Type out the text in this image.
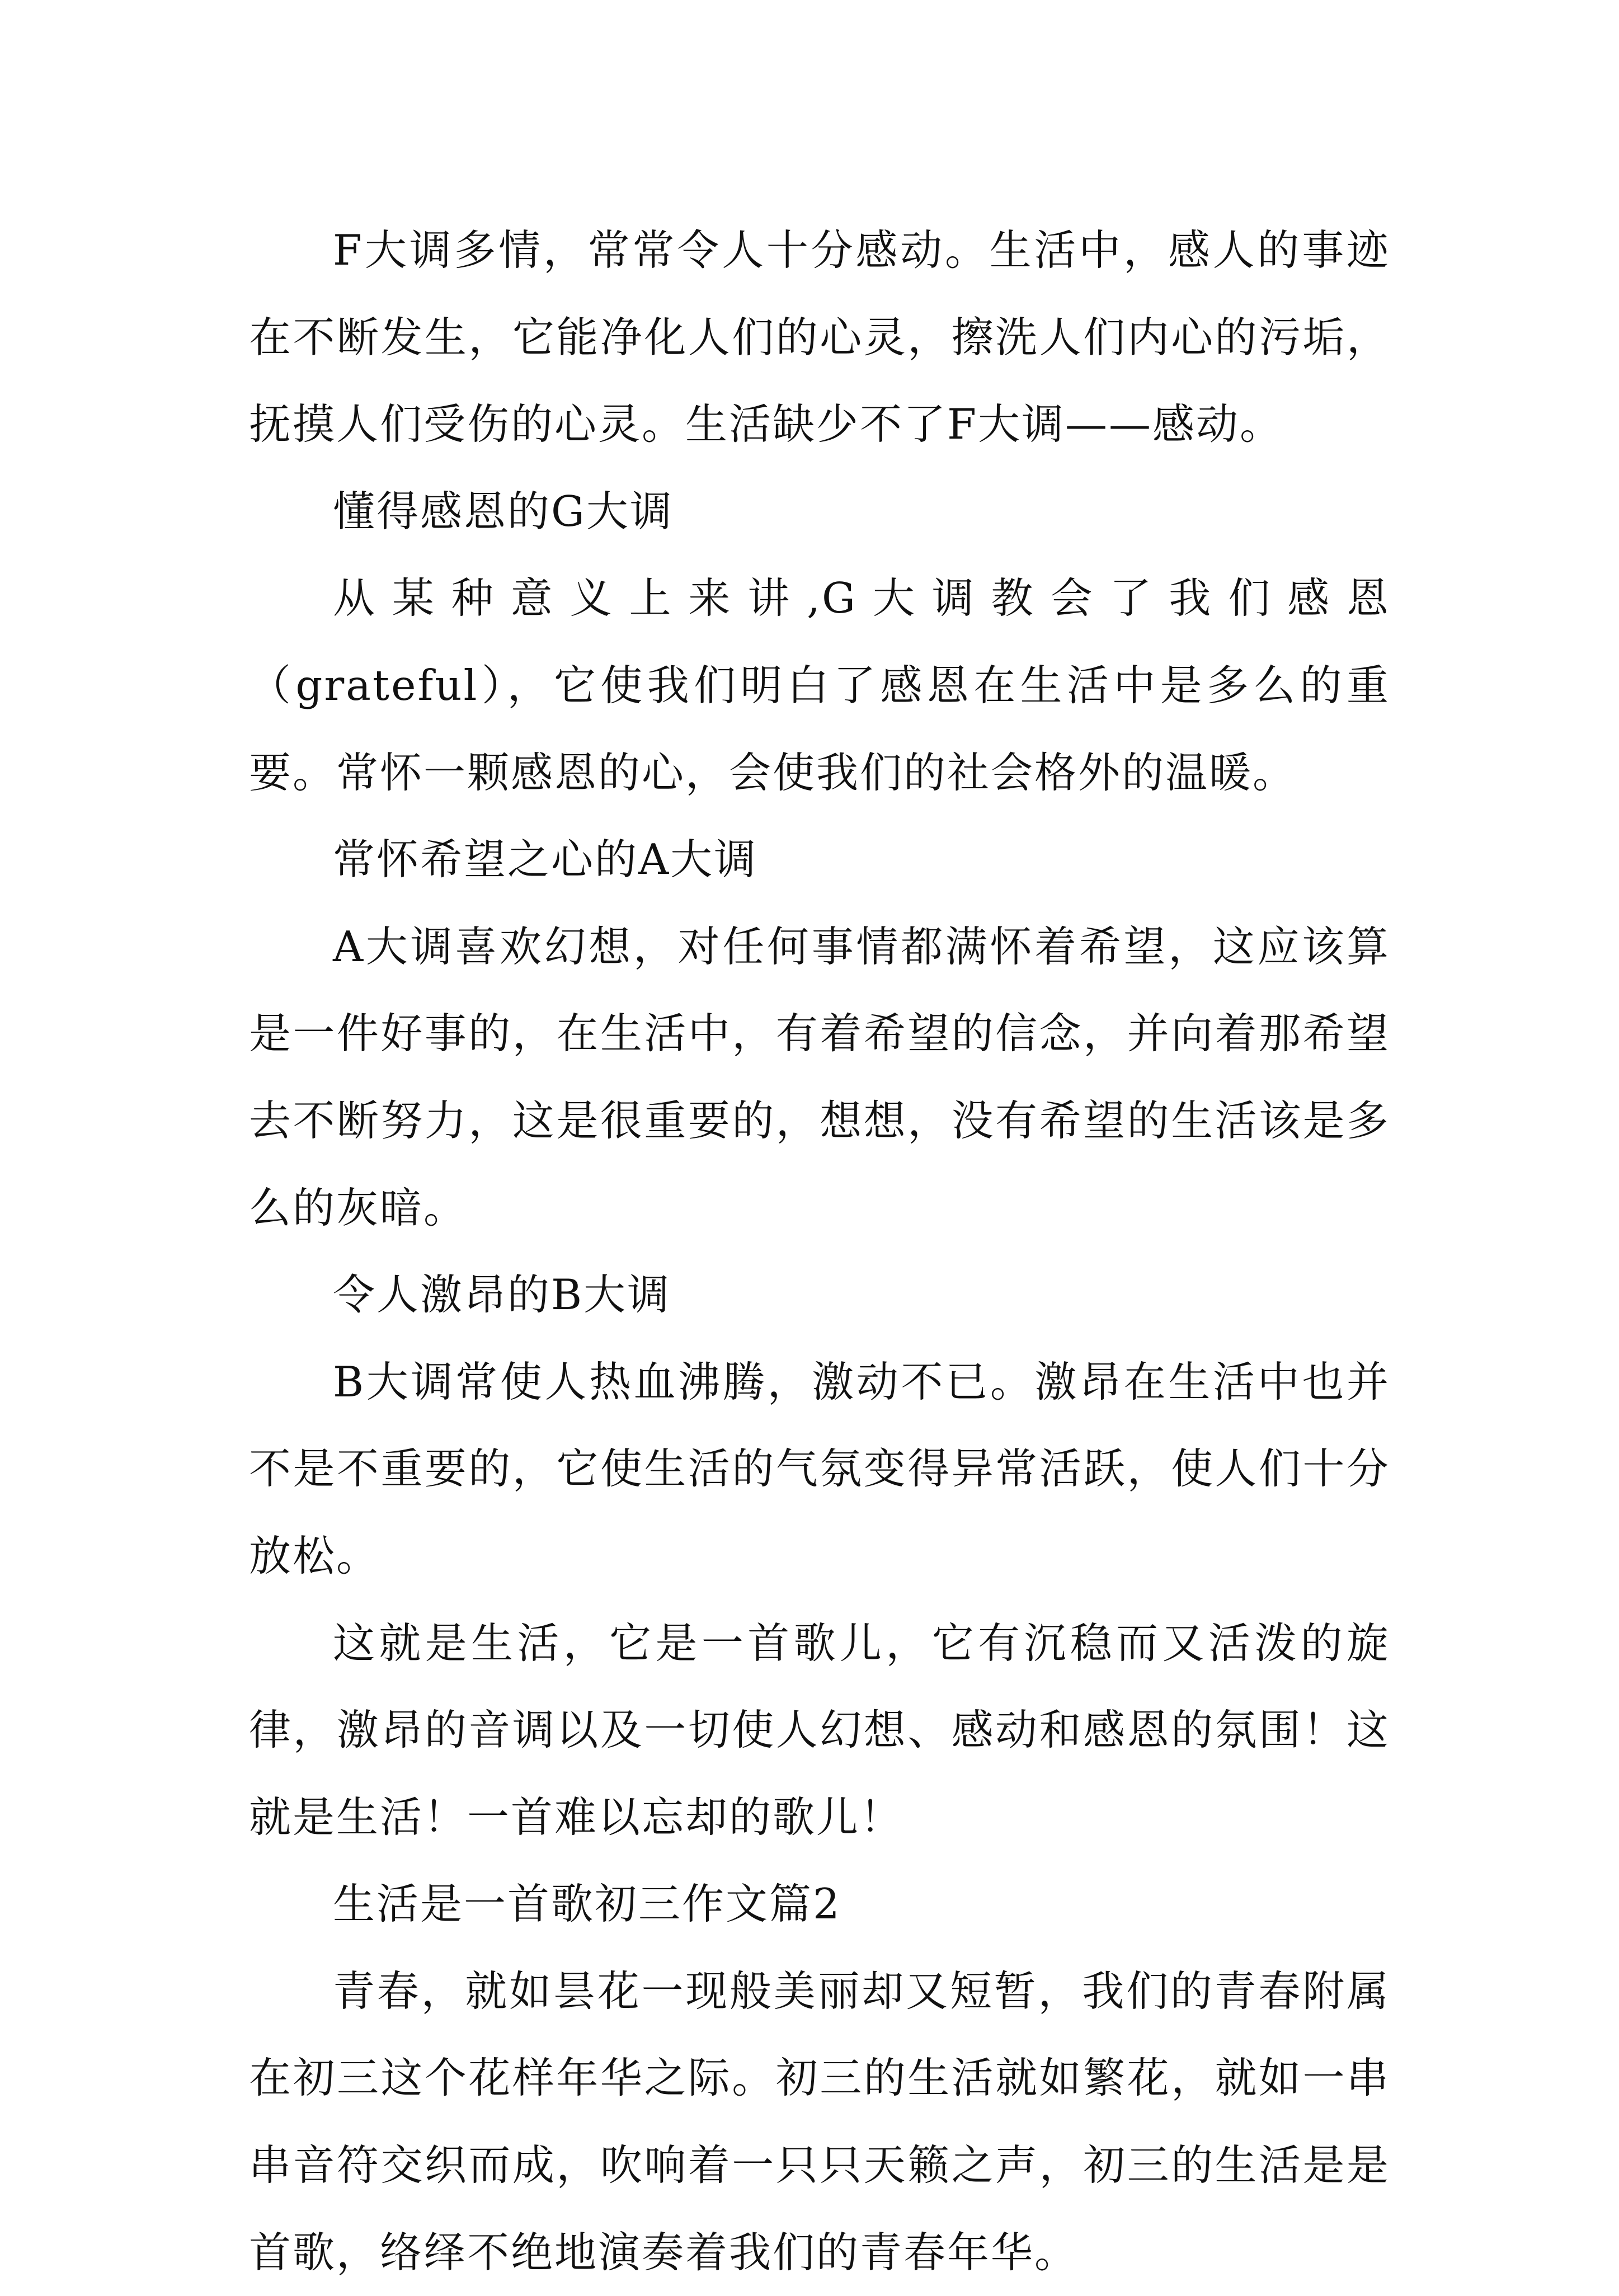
F大调多情，常常令人十分感动。生活中，感人的事迹在不断发生，它能净化人们的心灵，擦洗人们内心的污垢，抚摸人们受伤的心灵。生活缺少不了F大调——感动。

懂得感恩的G大调

从某种意义上来讲,G大调教会了我们感恩（grateful），它使我们明白了感恩在生活中是多么的重要。常怀一颗感恩的心，会使我们的社会格外的温暖。

常怀希望之心的A大调

A大调喜欢幻想，对任何事情都满怀着希望，这应该算是一件好事的，在生活中，有着希望的信念，并向着那希望去不断努力，这是很重要的，想想，没有希望的生活该是多么的灰暗。

令人激昂的B大调

B大调常使人热血沸腾，激动不已。激昂在生活中也并不是不重要的，它使生活的气氛变得异常活跃，使人们十分放松。

这就是生活，它是一首歌儿，它有沉稳而又活泼的旋律，激昂的音调以及一切使人幻想、感动和感恩的氛围！这就是生活！一首难以忘却的歌儿！

生活是一首歌初三作文篇2

青春，就如昙花一现般美丽却又短暂，我们的青春附属在初三这个花样年华之际。初三的生活就如繁花，就如一串串音符交织而成，吹响着一只只天籁之声，初三的生活是是首歌，络绎不绝地演奏着我们的青春年华。
